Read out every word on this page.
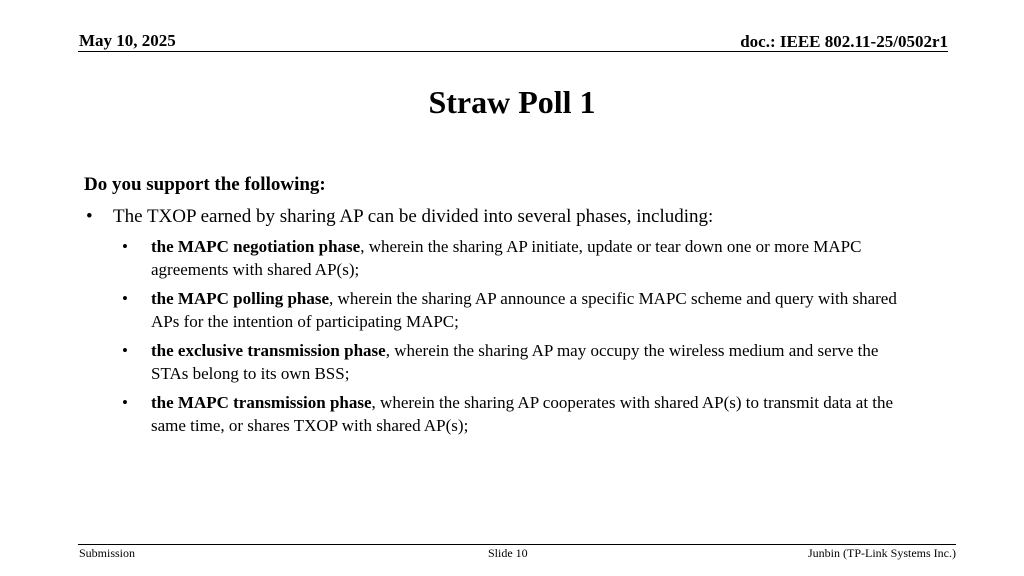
May 10, 2025	doc.: IEEE 802.11-25/0502r1
Straw Poll 1

Do you support the following:

• The TXOP earned by sharing AP can be divided into several phases, including:
• the MAPC negotiation phase, wherein the sharing AP initiate, update or tear down one or more MAPC agreements with shared AP(s);
• the MAPC polling phase, wherein the sharing AP announce a specific MAPC scheme and query with shared APs for the intention of participating MAPC;
• the exclusive transmission phase, wherein the sharing AP may occupy the wireless medium and serve the STAs belong to its own BSS;
• the MAPC transmission phase, wherein the sharing AP cooperates with shared AP(s) to transmit data at the same time, or shares TXOP with shared AP(s);
Submission	Slide 10	Junbin (TP-Link Systems Inc.)
